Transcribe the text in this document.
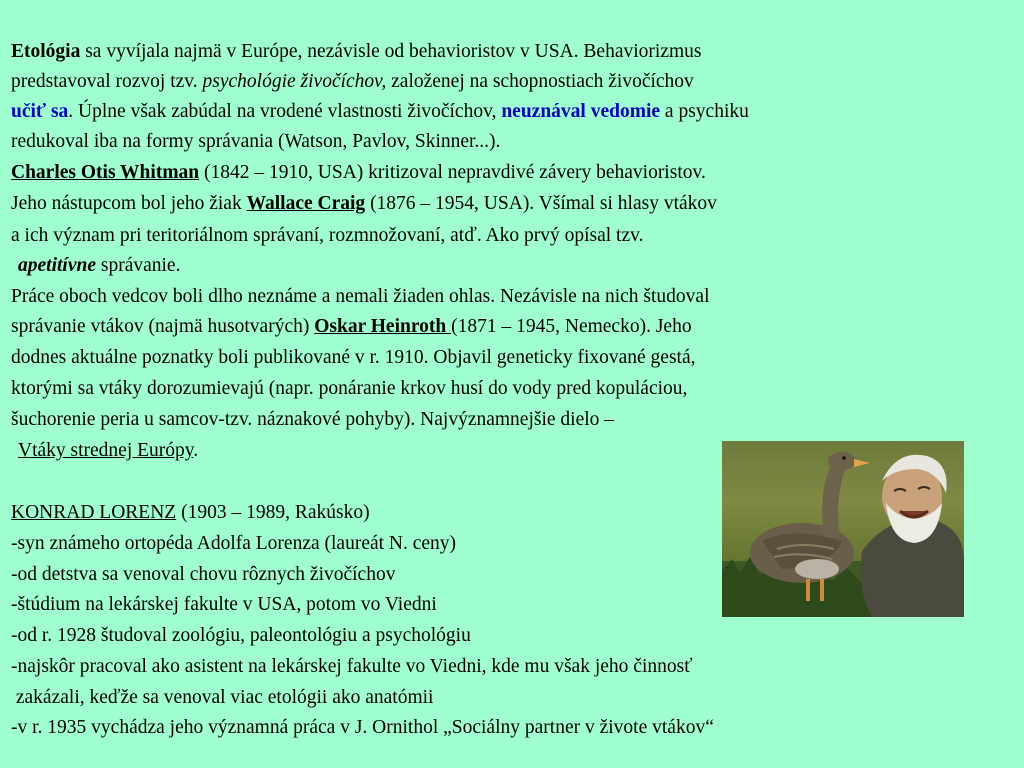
Etológia sa vyvíjala najmä v Európe, nezávisle od behavioristov v USA. Behaviorizmus
predstavoval rozvoj tzv. psychológie živočíchov, založenej na schopnostiach živočíchov
učiť sa. Úplne však zabúdal na vrodené vlastnosti živočíchov, neuznával vedomie a psychiku
redukoval iba na formy správania (Watson, Pavlov, Skinner...).
Charles Otis Whitman (1842 – 1910, USA) kritizoval nepravdivé závery behavioristov.
Jeho nástupcom bol jeho žiak Wallace Craig (1876 – 1954, USA). Všímal si hlasy vtákov
a ich význam pri teritoriálnom správaní, rozmnožovaní, atď. Ako prvý opísal tzv.
apetitívne správanie.
Práce oboch vedcov boli dlho neznáme a nemali žiaden ohlas. Nezávisle na nich študoval
správanie vtákov (najmä husotvarých) Oskar Heinroth (1871 – 1945, Nemecko). Jeho
dodnes aktuálne poznatky boli publikované v r. 1910. Objavil geneticky fixované gestá,
ktorými sa vtáky dorozumievajú (napr. ponáranie krkov husí do vody pred kopuláciou,
šuchorenie peria u samcov-tzv. náznakové pohyby). Najvýznamnejšie dielo –
Vtáky strednej Európy.
KONRAD LORENZ (1903 – 1989, Rakúsko)
-syn známeho ortopéda Adolfa Lorenza (laureát N. ceny)
-od detstva sa venoval chovu rôznych živočíchov
-štúdium na lekárskej fakulte v USA, potom vo Viedni
-od r. 1928 študoval zoológiu, paleontológiu a psychológiu
-najskôr pracoval ako asistent na lekárskej fakulte vo Viedni, kde mu však jeho činnosť
zakázali, keďže sa venoval viac etológii ako anatómii
-v r. 1935 vychádza jeho významná práca v J. Ornithol „Sociálny partner v živote vtákov“
